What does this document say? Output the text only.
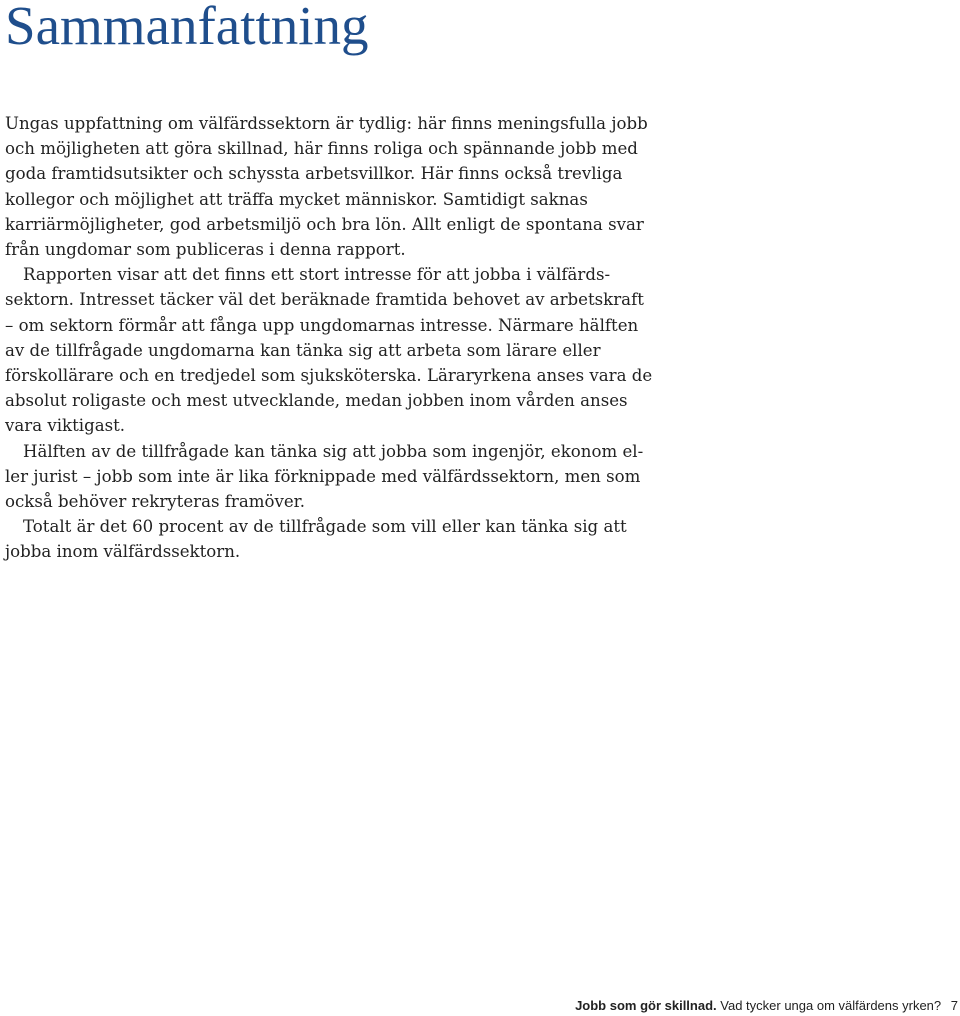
Sammanfattning

Ungas uppfattning om välfärdssektorn är tydlig: här finns meningsfulla jobb och möjligheten att göra skillnad, här finns roliga och spännande jobb med goda framtidsutsikter och schyssta arbetsvillkor. Här finns också trevliga kollegor och möjlighet att träffa mycket människor. Samtidigt saknas karriärmöjligheter, god arbetsmiljö och bra lön. Allt enligt de spontana svar från ungdomar som publiceras i denna rapport.

Rapporten visar att det finns ett stort intresse för att jobba i välfärdssektorn. Intresset täcker väl det beräknade framtida behovet av arbetskraft – om sektorn förmår att fånga upp ungdomarnas intresse. Närmare hälften av de tillfrågade ungdomarna kan tänka sig att arbeta som lärare eller förskollärare och en tredjedel som sjuksköterska. Läraryrkena anses vara de absolut roligaste och mest utvecklande, medan jobben inom vården anses vara viktigast.

Hälften av de tillfrågade kan tänka sig att jobba som ingenjör, ekonom eller jurist – jobb som inte är lika förknippade med välfärdssektorn, men som också behöver rekryteras framöver.

Totalt är det 60 procent av de tillfrågade som vill eller kan tänka sig att jobba inom välfärdssektorn.

Jobb som gör skillnad. Vad tycker unga om välfärdens yrken? 7
